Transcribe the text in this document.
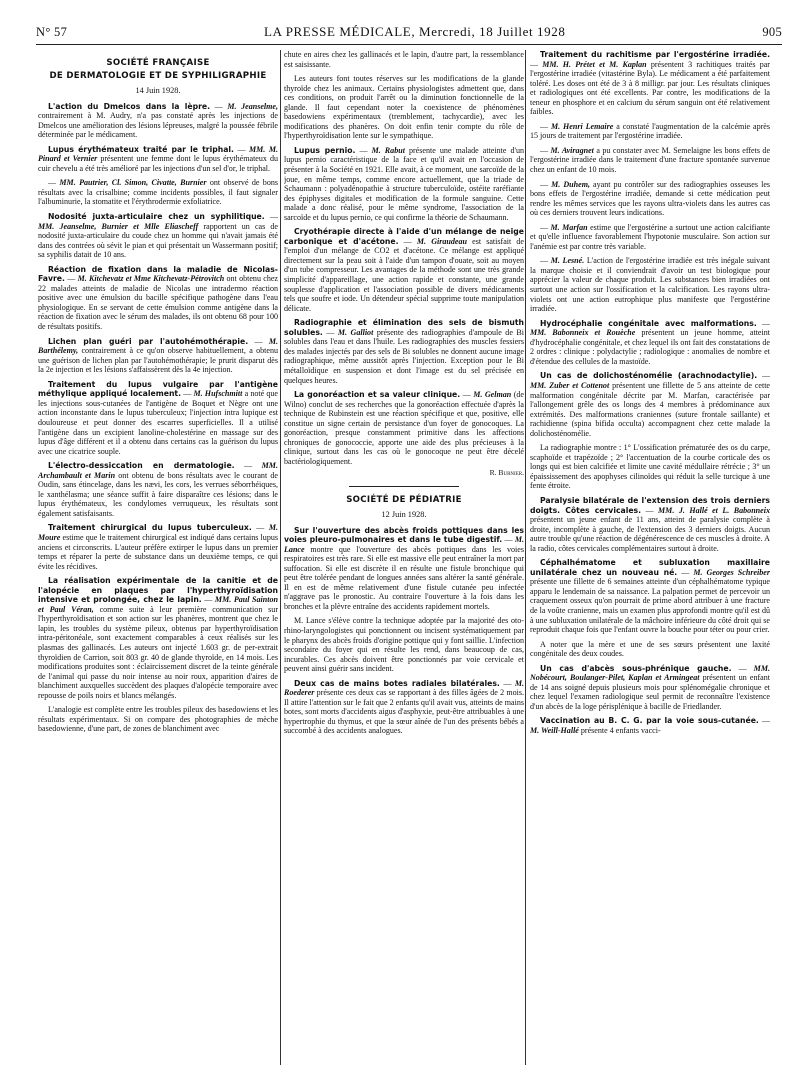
N° 57	LA PRESSE MÉDICALE, Mercredi, 18 Juillet 1928	905
SOCIÉTÉ FRANÇAISE
DE DERMATOLOGIE ET DE SYPHILIGRAPHIE
14 Juin 1928.

L'action du Dmelcos dans la lèpre. — M. Jeanselme, contrairement à M. Audry, n'a pas constaté après les injections de Dmelcos une amélioration des lésions lépreuses, malgré la poussée fébrile déterminée par le médicament.

Lupus érythémateux traité par le triphal. — MM. M. Pinard et Vernier présentent une femme dont le lupus érythémateux du cuir chevelu a été très amélioré par les injections d'un sel d'or, le triphal.

— MM. Pautrier, Cl. Simon, Civatte, Burnier ont observé de bons résultats avec la crisalbine; comme incidents possibles, il faut signaler l'albuminurie, la stomatite et l'érythrodermie exfoliatrice.

Nodosité juxta-articulaire chez un syphilitique. — MM. Jeanselme, Burnier et Mlle Eliascheff rapportent un cas de nodosité juxta-articulaire du coude chez un homme qui n'avait jamais été dans des contrées où sévit le pian et qui présentait un Wassermann positif; sa syphilis datait de 10 ans.

Réaction de fixation dans la maladie de Nicolas-Favre. — M. Kitchevatz et Mme Kitchevatz-Pétrovitch ont obtenu chez 22 malades atteints de maladie de Nicolas une intradermo réaction positive avec une émulsion du bacille spécifique pathogène dans l'eau physiologique. En se servant de cette émulsion comme antigène dans la réaction de fixation avec le sérum des malades, ils ont obtenu 68 pour 100 de résultats positifs.

Lichen plan guéri par l'autohémothérapie. — M. Barthélemy, contrairement à ce qu'on observe habituellement, a obtenu une guérison de lichen plan par l'autohémothérapie; le prurit disparut dès la 2e injection et les lésions s'affaissèrent dès la 4e injection.

Traitement du lupus vulgaire par l'antigène méthylique appliqué localement. — M. Hufschmitt a noté que les injections sous-cutanées de l'antigène de Boquet et Nègre ont une action inconstante dans le lupus tuberculeux; l'injection intra lupique est douloureuse et peut donner des escarres superficielles. Il a utilisé l'antigène dans un excipient lanoline-cholestérine en massage sur des lupus d'âge différent et il a obtenu dans certains cas la guérison du lupus avec une cicatrice souple.

L'électro-dessiccation en dermatologie. — MM. Archambault et Marin ont obtenu de bons résultats avec le courant de Oudin, sans étincelage, dans les nævi, les cors, les verrues séborrhéiques, le xanthélasma; une séance suffit à faire disparaître ces lésions; dans le lupus érythémateux, les condylomes verruqueux, les résultats sont également satisfaisants.

Traitement chirurgical du lupus tuberculeux. — M. Moure estime que le traitement chirurgical est indiqué dans certains lupus anciens et circonscrits. L'auteur préfère extirper le lupus dans un premier temps et réparer la perte de substance dans un deuxième temps, ce qui évite les récidives.

La réalisation expérimentale de la canitie et de l'alopécie en plaques par l'hyperthyroïdisation intensive et prolongée, chez le lapin. — MM. Paul Sainton et Paul Véran, comme suite à leur première communication sur l'hyperthyroïdisation et son action sur les phanères, montrent que chez le lapin, les troubles du système pileux, obtenus par hyperthyroïdisation intra-péritonéale, sont exactement comparables à ceux réalisés sur les plasmas des gallinacés. Les auteurs ont injecté 1.603 gr. de per-extrait thyroïdien de Carrion, soit 803 gr. 40 de glande thyroïde, en 14 mois. Les modifications produites sont : éclaircissement discret de la teinte générale de l'animal qui passe du noir intense au noir roux, apparition d'aires de blanchiment auxquelles succèdent des plaques d'alopécie temporaire avec repousse de poils noirs et blancs mélangés.

L'analogie est complète entre les troubles pileux des basedowiens et les résultats expérimentaux. Si on compare des photographies de mèche basedowienne, d'une part, de zones de blanchiment avec

chute en aires chez les gallinacés et le lapin, d'autre part, la ressemblance est saisissante.

Les auteurs font toutes réserves sur les modifications de la glande thyroïde chez les animaux. Certains physiologistes admettent que, dans ces conditions, on produit l'arrêt ou la diminution fonctionnelle de la glande. Il faut cependant noter la coexistence de phénomènes basedowiens expérimentaux (tremblement, tachycardie), avec les modifications des phanères. On doit enfin tenir compte du rôle de l'hyperthyroïdisation lente sur le sympathique.

Lupus pernio. — M. Rabut présente une malade atteinte d'un lupus pernio caractéristique de la face et qu'il avait en l'occasion de présenter à la Société en 1921. Elle avait, à ce moment, une sarcoïde de la joue, en même temps, comme encore actuellement, que la triade de Schaumann : polyadénopathie à structure tuberculoïde, ostéite raréfiante des épiphyses digitales et modification de la formule sanguine. Cette malade a donc réalisé, pour le même syndrome, l'association de la sarcoïde et du lupus pernio, ce qui confirme la théorie de Schaumann.

Cryothérapie directe à l'aide d'un mélange de neige carbonique et d'acétone. — M. Giraudeau est satisfait de l'emploi d'un mélange de CO2 et d'acétone. Ce mélange est appliqué directement sur la peau soit à l'aide d'un tampon d'ouate, soit au moyen d'un tube compresseur. Les avantages de la méthode sont une très grande simplicité d'appareillage, une action rapide et constante, une grande souplesse d'application et l'association possible de divers médicaments tels que soufre et iode. Un détendeur spécial supprime toute manipulation délicate.

Radiographie et élimination des sels de bismuth solubles. — M. Galliot présente des radiographies d'ampoule de Bi solubles dans l'eau et dans l'huile. Les radiographies des muscles fessiers des malades injectés par des sels de Bi solubles ne donnent aucune image radiographique, même aussitôt après l'injection. Exception pour le Bi métalloïdique en suspension et dont l'image est du sel précisée en quelques heures.

La gonoréaction et sa valeur clinique. — M. Gelman (de Wilno) conclut de ses recherches que la gonoréaction effectuée d'après la technique de Rubinstein est une réaction spécifique et que, positive, elle constitue un signe certain de persistance d'un foyer de gonocoques. La gonoréaction, presque constamment primitive dans les affections chroniques de gonococcie, apporte une aide des plus précieuses à la clinique, surtout dans les cas où le gonocoque ne peut être décelé bactériologiquement.

R. Burnier.
SOCIÉTÉ DE PÉDIATRIE
12 Juin 1928.

Sur l'ouverture des abcès froids pottiques dans les voies pleuro-pulmonaires et dans le tube digestif. — M. Lance montre que l'ouverture des abcès pottiques dans les voies respiratoires est très rare. Si elle est massive elle peut entraîner la mort par suffocation. Si elle est discrète il en résulte une fistule bronchique qui peut être tolérée pendant de longues années sans altérer la santé générale. Il en est de même relativement d'une fistule cutanée peu infectée n'aggrave pas le pronostic. Au contraire l'ouverture à la fois dans les bronches et la plèvre entraîne des accidents rapidement mortels.

M. Lance s'élève contre la technique adoptée par la majorité des oto-rhino-laryngologistes qui ponctionnent ou incisent systématiquement par le pharynx des abcès froids d'origine pottique qui y font saillie. L'infection secondaire du foyer qui en résulte les rend, dans beaucoup de cas, incurables. Ces abcès doivent être ponctionnés par voie cervicale et peuvent ainsi guérir sans incident.

Deux cas de mains botes radiales bilatérales. — M. Roederer présente ces deux cas se rapportant à des filles âgées de 2 mois. Il attire l'attention sur le fait que 2 enfants qu'il avait vus, atteints de mains botes, sont morts d'accidents aigus d'asphyxie, peut-être attribuables à une hypertrophie du thymus, et que la sœur aînée de l'un des présents bébés a succombé à des accidents analogues.

Traitement du rachitisme par l'ergostérine irradiée. — MM. H. Prétet et M. Kaplan présentent 3 rachitiques traités par l'ergostérine irradiée (vitastérine Byla). Le médicament a été parfaitement toléré. Les doses ont été de 3 à 8 milligr. par jour. Les résultats cliniques et radiologiques ont été excellents. Par contre, les modifications de la teneur en phosphore et en calcium du sérum sanguin ont été relativement faibles.

— M. Henri Lemaire a constaté l'augmentation de la calcémie après 15 jours de traitement par l'ergostérine irradiée.

— M. Aviragnet a pu constater avec M. Semelaigne les bons effets de l'ergostérine irradiée dans le traitement d'une fracture spontanée survenue chez un enfant de 10 mois.

— M. Duhem, ayant pu contrôler sur des radiographies osseuses les bons effets de l'ergostérine irradiée, demande si cette médication peut rendre les mêmes services que les rayons ultra-violets dans les autres cas où ces derniers trouvent leurs indications.

— M. Marfan estime que l'ergostérine a surtout une action calcifiante et qu'elle influence favorablement l'hypotonie musculaire. Son action sur l'anémie est par contre très variable.

— M. Lesné. L'action de l'ergostérine irradiée est très inégale suivant la marque choisie et il conviendrait d'avoir un test biologique pour apprécier la valeur de chaque produit. Les substances bien irradiées ont surtout une action sur l'ossification et la calcification. Les rayons ultra-violets ont une action eutrophique plus manifeste que l'ergostérine irradiée.

Hydrocéphalie congénitale avec malformations. — MM. Babonneix et Rouèche présentent un jeune homme, atteint d'hydrocéphalie congénitale, et chez lequel ils ont fait des constatations de 2 ordres : clinique : polydactylie ; radiologique : anomalies de nombre et d'étendue des cellules de la mastoïde.

Un cas de dolichosténomélie (arachnodactylie). — MM. Zuber et Cottenot présentent une fillette de 5 ans atteinte de cette malformation congénitale décrite par M. Marfan, caractérisée par l'allongement grêle des os longs des 4 membres à prédominance aux extrémités. Des malformations craniennes (suture frontale saillante) et rachidienne (spina bifida occulta) accompagnent chez cette malade la dolichosténomélie.

La radiographie montre : 1° L'ossification prématurée des os du carpe, scaphoïde et trapézoïde ; 2° l'accentuation de la courbe corticale des os longs qui est bien calcifiée et limite une cavité médullaire rétrécie ; 3° un épaississement des apophyses cilinoïdes qui réduit la selle turcique à une fente étroite.

Paralysie bilatérale de l'extension des trois derniers doigts. Côtes cervicales. — MM. J. Hallé et L. Babonneix présentent un jeune enfant de 11 ans, atteint de paralysie complète à droite, incomplète à gauche, de l'extension des 3 derniers doigts. Aucun autre trouble qu'une réaction de dégénérescence de ces muscles à droite. A la radio, côtes cervicales complémentaires surtout à droite.

Céphalhématome et subluxation maxillaire unilatérale chez un nouveau né. — M. Georges Schreiber présente une fillette de 6 semaines atteinte d'un céphalhématome typique apparu le lendemain de sa naissance. La palpation permet de percevoir un craquement osseux qu'on pourrait de prime abord attribuer à une fracture de la voûte cranienne, mais un examen plus approfondi montre qu'il est dû à une subluxation unilatérale de la mâchoire inférieure du côté droit qui se reproduit chaque fois que l'enfant ouvre la bouche pour téter ou pour crier.

A noter que la mère et une de ses sœurs présentent une laxité congénitale des deux coudes.

Un cas d'abcès sous-phrénique gauche. — MM. Nobécourt, Boulanger-Pilet, Kaplan et Armingeat présentent un enfant de 14 ans soigné depuis plusieurs mois pour splénomégalie chronique et chez lequel l'examen radiologique seul permit de reconnaître l'existence d'un abcès de la loge périsplénique à bacille de Friedlander.

Vaccination au B. C. G. par la voie sous-cutanée. — M. Weill-Hallé présente 4 enfants vacci-
